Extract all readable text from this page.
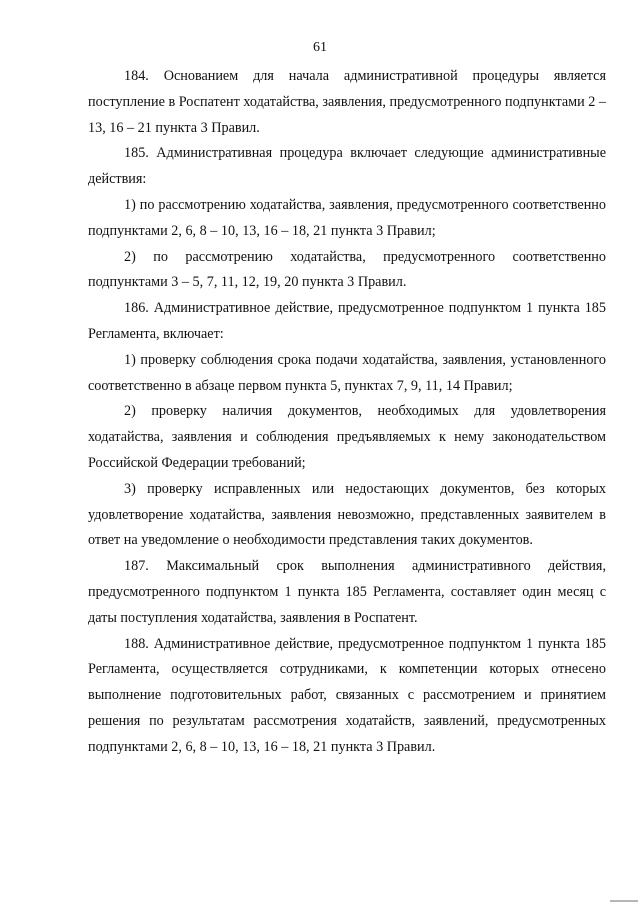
61

184. Основанием для начала административной процедуры является поступление в Роспатент ходатайства, заявления, предусмотренного подпунктами 2 – 13, 16 – 21 пункта 3 Правил.

185. Административная процедура включает следующие административные действия:

1) по рассмотрению ходатайства, заявления, предусмотренного соответственно подпунктами 2, 6, 8 – 10, 13, 16 – 18, 21 пункта 3 Правил;

2) по рассмотрению ходатайства, предусмотренного соответственно подпунктами 3 – 5, 7, 11, 12, 19, 20 пункта 3 Правил.

186. Административное действие, предусмотренное подпунктом 1 пункта 185 Регламента, включает:

1) проверку соблюдения срока подачи ходатайства, заявления, установленного соответственно в абзаце первом пункта 5, пунктах 7, 9, 11, 14 Правил;

2) проверку наличия документов, необходимых для удовлетворения ходатайства, заявления и соблюдения предъявляемых к нему законодательством Российской Федерации требований;

3) проверку исправленных или недостающих документов, без которых удовлетворение ходатайства, заявления невозможно, представленных заявителем в ответ на уведомление о необходимости представления таких документов.

187. Максимальный срок выполнения административного действия, предусмотренного подпунктом 1 пункта 185 Регламента, составляет один месяц с даты поступления ходатайства, заявления в Роспатент.

188. Административное действие, предусмотренное подпунктом 1 пункта 185 Регламента, осуществляется сотрудниками, к компетенции которых отнесено выполнение подготовительных работ, связанных с рассмотрением и принятием решения по результатам рассмотрения ходатайств, заявлений, предусмотренных подпунктами 2, 6, 8 – 10, 13, 16 – 18, 21 пункта 3 Правил.
